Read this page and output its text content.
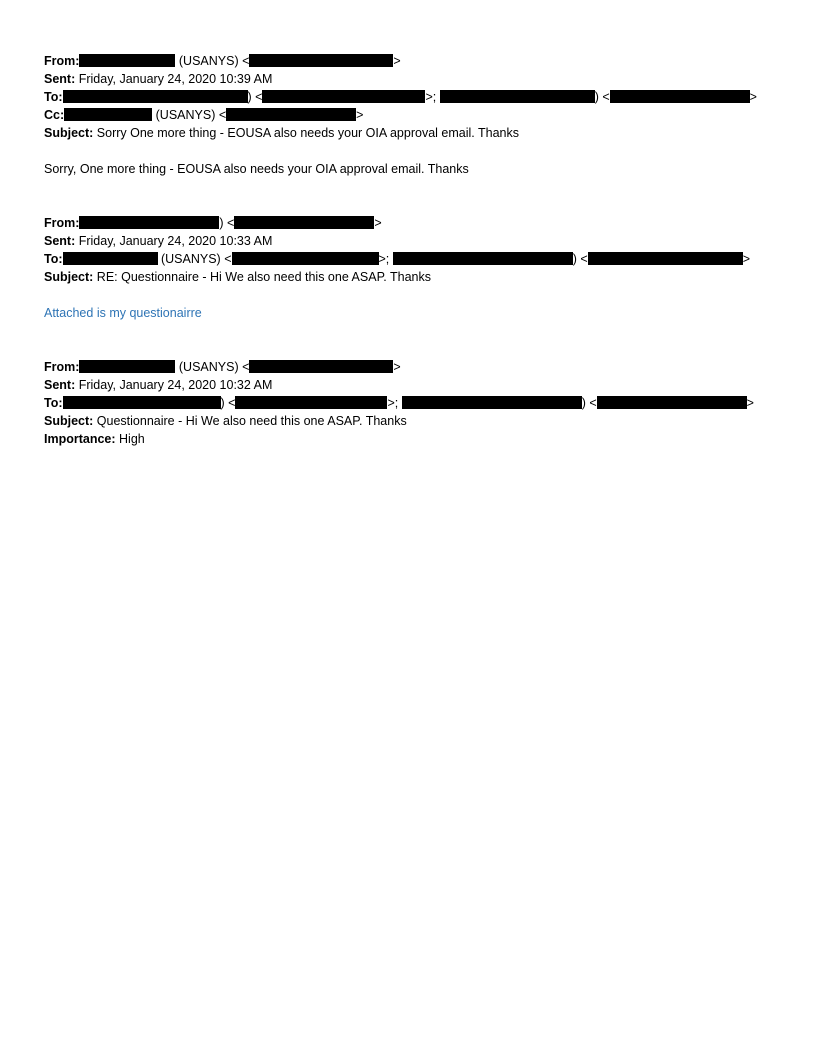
From:	(USANYS) <	>
Sent: Friday, January 24, 2020 10:39 AM
To:	) <	>;	) <	>
Cc:	(USANYS) <	>
Subject: Sorry One more thing - EOUSA also needs your OIA approval email. Thanks
Sorry, One more thing - EOUSA also needs your OIA approval email. Thanks
From:	) <	>
Sent: Friday, January 24, 2020 10:33 AM
To:	(USANYS) <	>;	) <	>
Subject: RE: Questionnaire - Hi We also need this one ASAP. Thanks
Attached is my questionairre
From:	(USANYS) <	>
Sent: Friday, January 24, 2020 10:32 AM
To:	) <	>;	) <	>
Subject: Questionnaire - Hi We also need this one ASAP. Thanks
Importance: High
